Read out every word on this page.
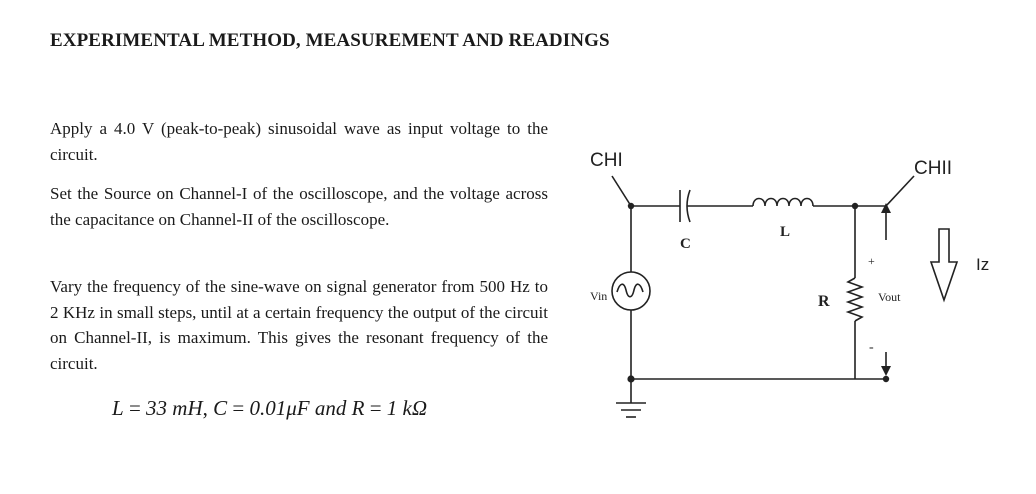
EXPERIMENTAL METHOD, MEASUREMENT AND READINGS
Apply a 4.0 V (peak-to-peak) sinusoidal wave as input voltage to the circuit.
Set the Source on Channel-I of the oscilloscope, and the voltage across the capacitance on Channel-II of the oscilloscope.
Vary the frequency of the sine-wave on signal generator from 500 Hz to 2 KHz in small steps, until at a certain frequency the output of the circuit on Channel-II, is maximum. This gives the resonant frequency of the circuit.
L = 33 mH, C = 0.01μF and R = 1 kΩ
CHI	CHII
C
L
R
Vin	Vout
+
-
Iz
